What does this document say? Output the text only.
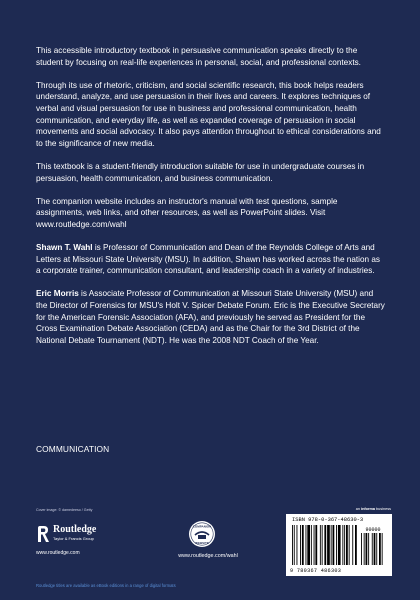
This accessible introductory textbook in persuasive communication speaks directly to the student by focusing on real-life experiences in personal, social, and professional contexts.

Through its use of rhetoric, criticism, and social scientific research, this book helps readers understand, analyze, and use persuasion in their lives and careers. It explores techniques of verbal and visual persuasion for use in business and professional communication, health communication, and everyday life, as well as expanded coverage of persuasion in social movements and social advocacy. It also pays attention throughout to ethical considerations and to the significance of new media.

This textbook is a student-friendly introduction suitable for use in undergraduate courses in persuasion, health communication, and business communication.

The companion website includes an instructor's manual with test questions, sample assignments, web links, and other resources, as well as PowerPoint slides. Visit www.routledge.com/wahl

Shawn T. Wahl is Professor of Communication and Dean of the Reynolds College of Arts and Letters at Missouri State University (MSU). In addition, Shawn has worked across the nation as a corporate trainer, communication consultant, and leadership coach in a variety of industries.

Eric Morris is Associate Professor of Communication at Missouri State University (MSU) and the Director of Forensics for MSU's Holt V. Spicer Debate Forum. Eric is the Executive Secretary for the American Forensic Association (AFA), and previously he served as President for the Cross Examination Debate Association (CEDA) and as the Chair for the 3rd District of the National Debate Tournament (NDT). He was the 2008 NDT Coach of the Year.

COMMUNICATION
Cover image: © damedeeso / Getty
Routledge
Taylor & Francis Group
www.routledge.com
COMPANION
WEBSITE
www.routledge.com/wahl
an informa business
ISBN 978-0-367-48630-3
90000
9 780367 486303
Routledge titles are available as eBook editions in a range of digital formats
